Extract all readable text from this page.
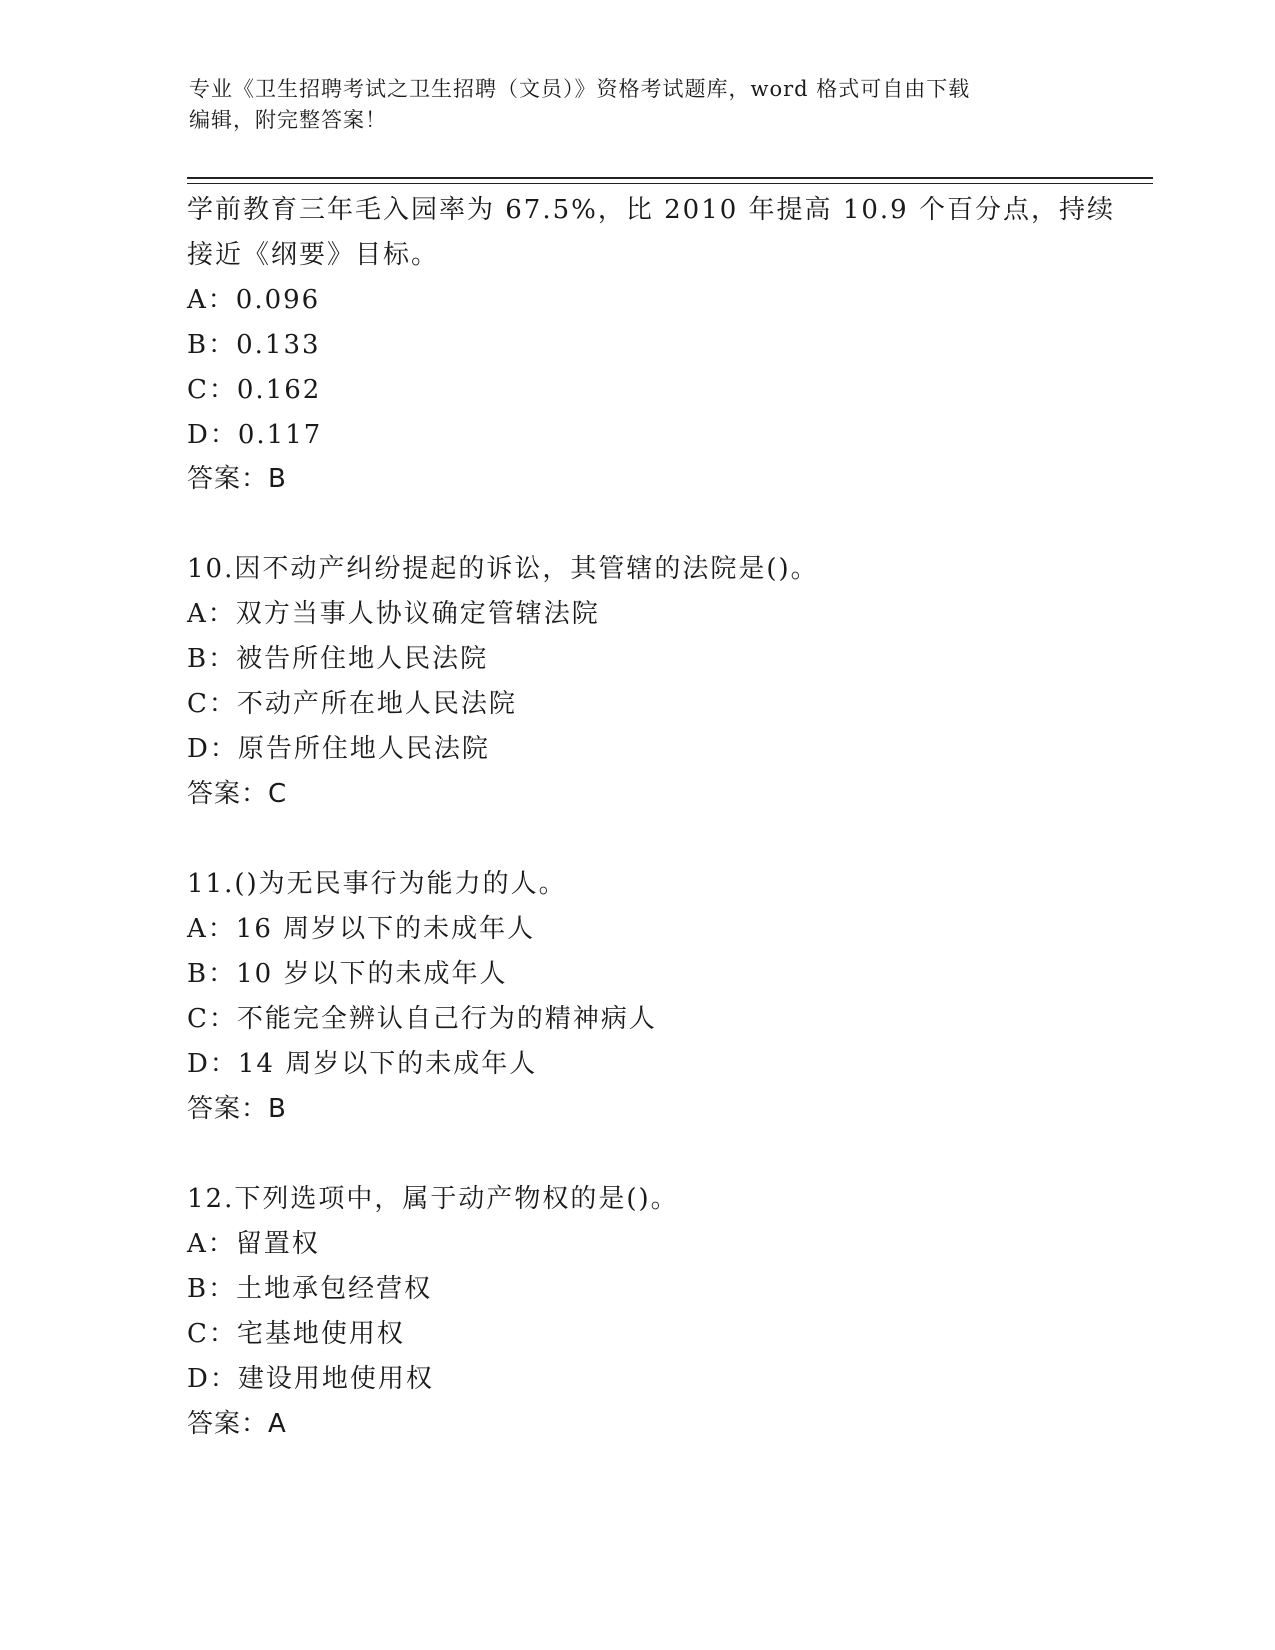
专业《卫生招聘考试之卫生招聘（文员）》资格考试题库，word 格式可自由下载
编辑，附完整答案！
学前教育三年毛入园率为 67.5%，比 2010 年提高 10.9 个百分点，持续
接近《纲要》目标。
A：0.096
B：0.133
C：0.162
D：0.117
答案：B
10.因不动产纠纷提起的诉讼，其管辖的法院是()。
A：双方当事人协议确定管辖法院
B：被告所住地人民法院
C：不动产所在地人民法院
D：原告所住地人民法院
答案：C
11.()为无民事行为能力的人。
A：16 周岁以下的未成年人
B：10 岁以下的未成年人
C：不能完全辨认自己行为的精神病人
D：14 周岁以下的未成年人
答案：B
12.下列选项中，属于动产物权的是()。
A：留置权
B：土地承包经营权
C：宅基地使用权
D：建设用地使用权
答案：A
